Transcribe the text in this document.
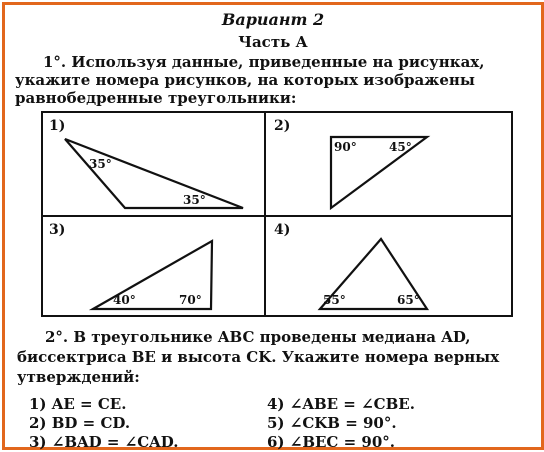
Вариант 2
Часть А
1°. Используя данные, приведенные на рисунках,
укажите номера рисунков, на которых изображены
равнобедренные треугольники:
1)
35°
35°
2)
90°	45°
3)
40°	70°
4)
55°	65°
2°. В треугольнике ABC проведены медиана AD,
биссектриса BE и высота CK. Укажите номера верных
утверждений:
1) AE = CE.
2) BD = CD.
3) ∠BAD = ∠CAD.
4) ∠ABE = ∠CBE.
5) ∠CKB = 90°.
6) ∠BEC = 90°.
